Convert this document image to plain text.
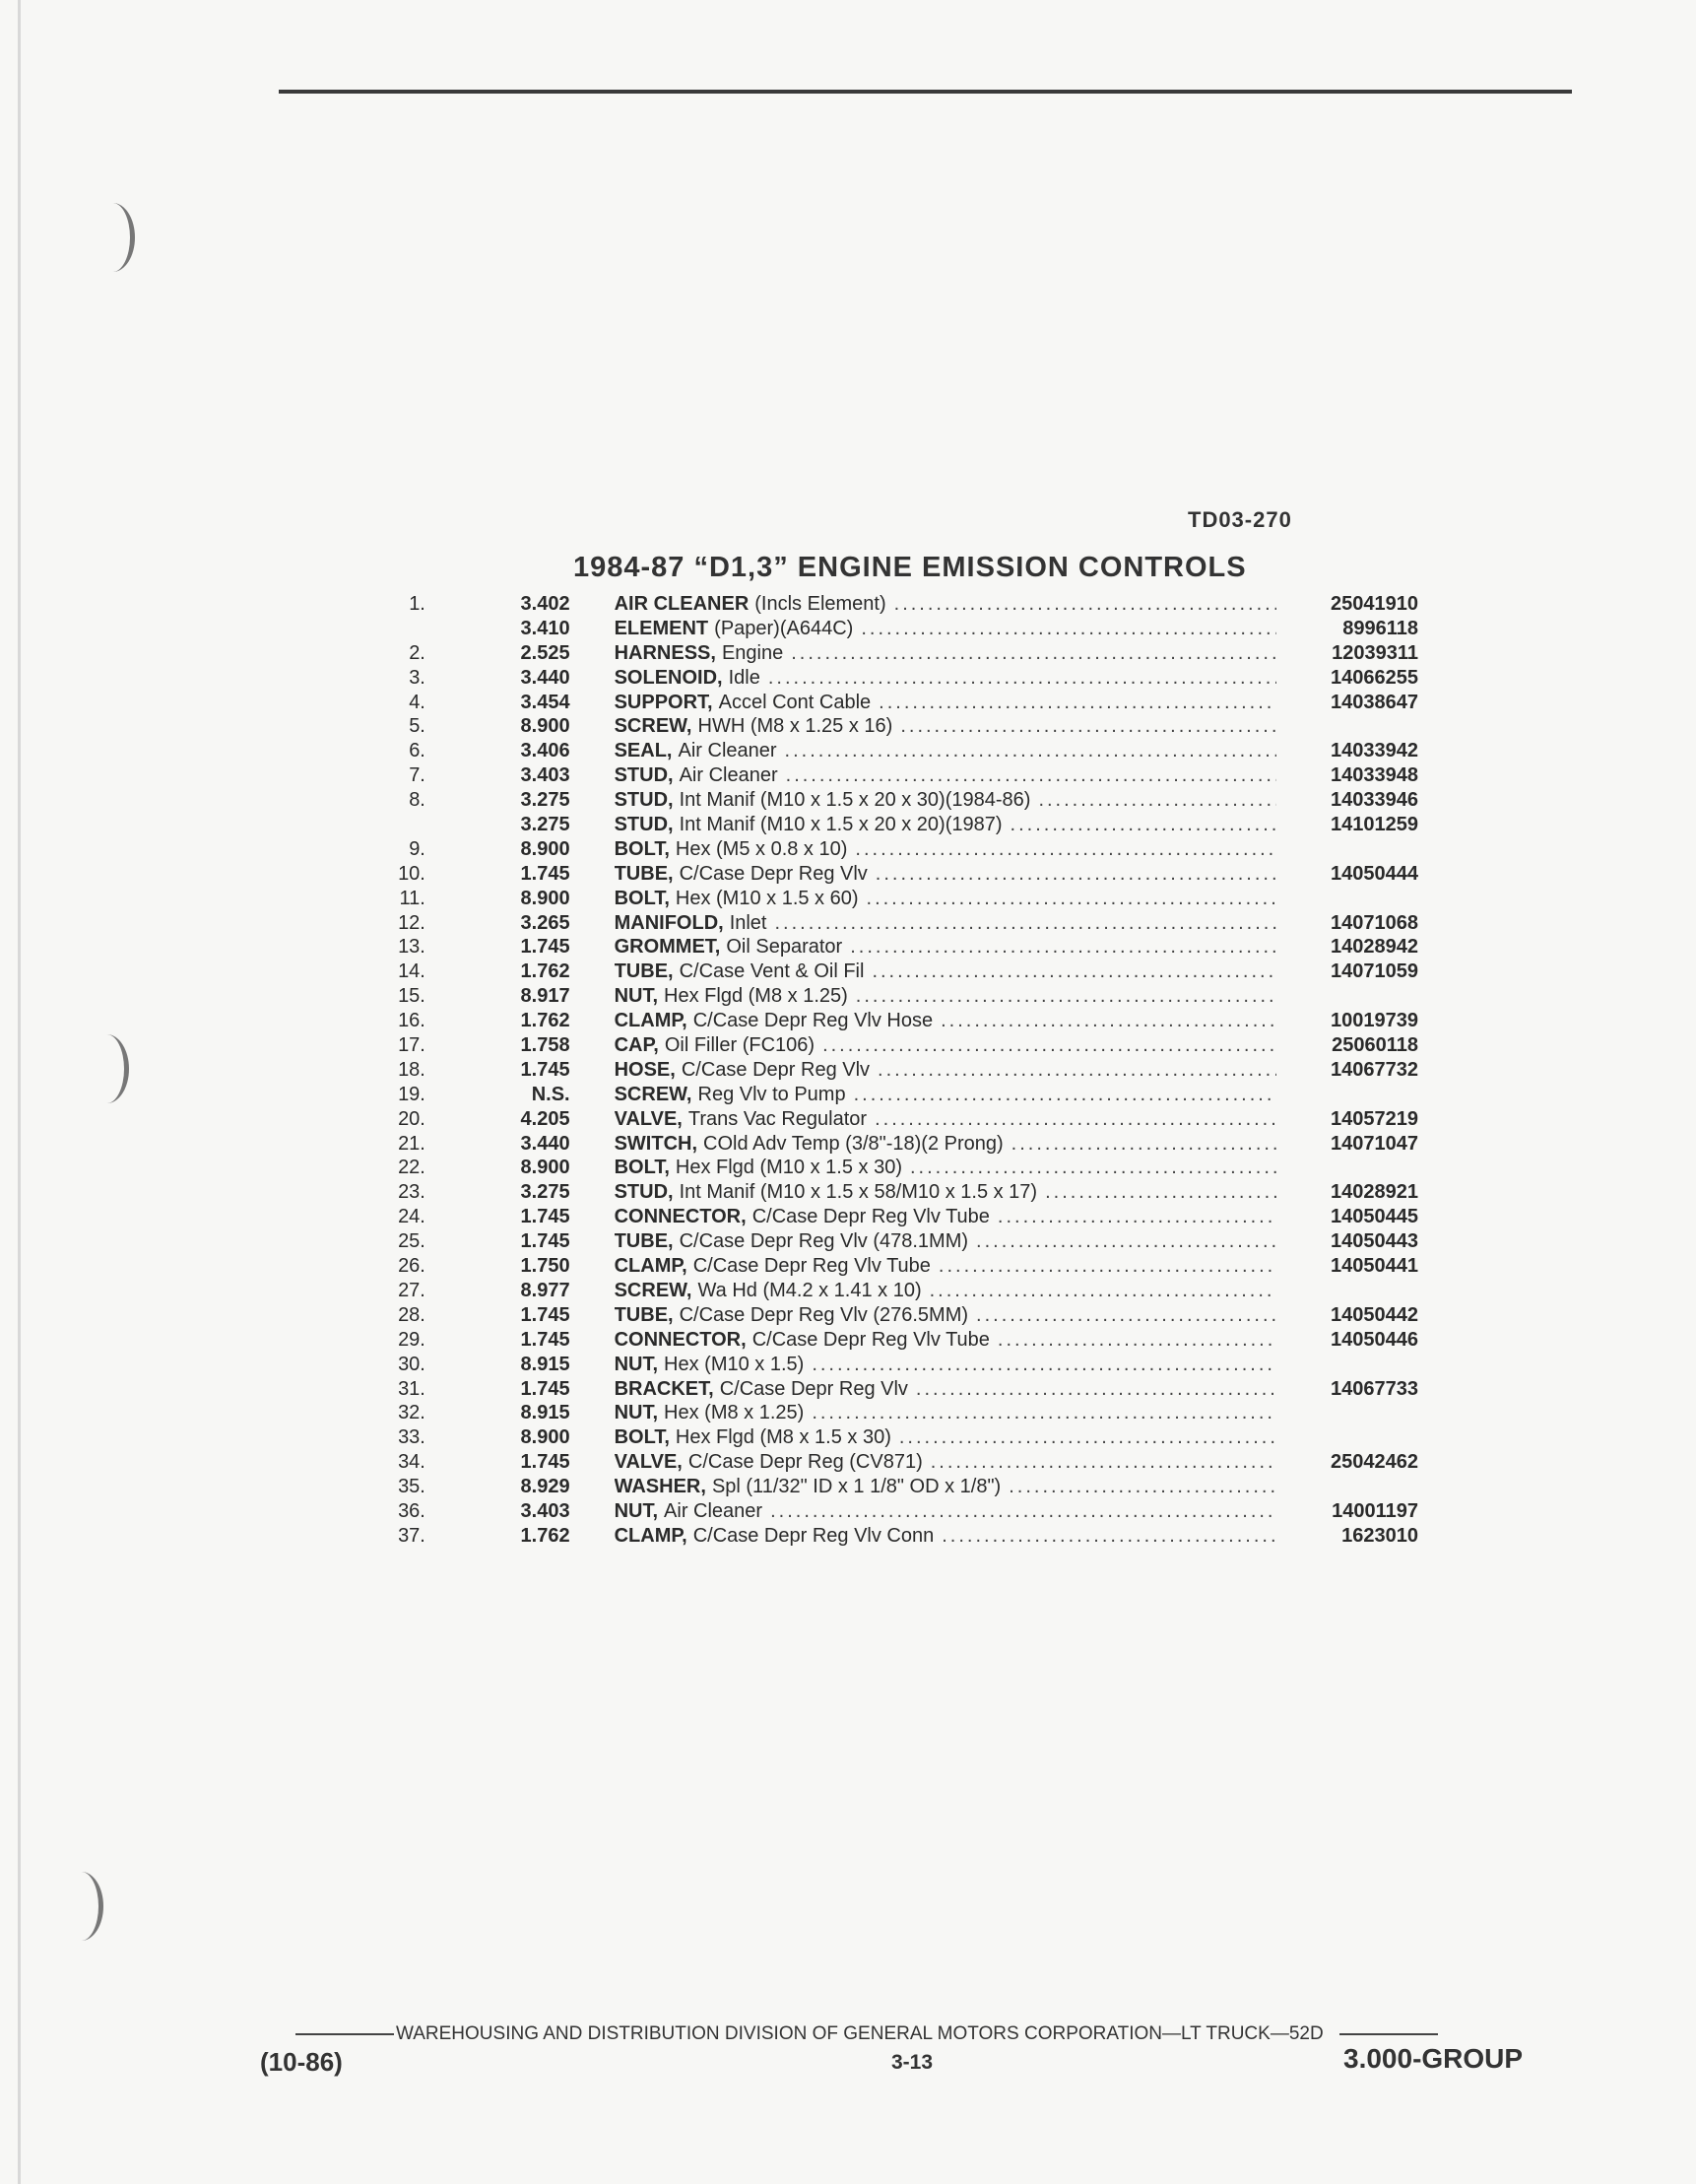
TD03-270
1984-87 “D1,3” ENGINE EMISSION CONTROLS
1.	3.402 AIR CLEANER (Incls Element) .....	25041910
3.410 ELEMENT (Paper)(A644C) .....	8996118
2.	2.525 HARNESS, Engine .....	12039311
3.	3.440 SOLENOID, Idle .....	14066255
4.	3.454 SUPPORT, Accel Cont Cable .....	14038647
5.	8.900 SCREW, HWH (M8 x 1.25 x 16)
.....
6.	3.406 SEAL, Air Cleaner .....	14033942
7.	3.403 STUD, Air Cleaner .....	14033948
8.	3.275 STUD, Int Manif (M10 x 1.5 x 20 x 30)(1984-86) .....	14033946
3.275 STUD, Int Manif (M10 x 1.5 x 20 x 20)(1987) .....	14101259
9.	8.900 BOLT, Hex (M5 x 0.8 x 10)
.....
10.	1.745 TUBE, C/Case Depr Reg Vlv .....	14050444
11.	8.900 BOLT, Hex (M10 x 1.5 x 60)
.....
12.	3.265 MANIFOLD, Inlet .....	14071068
13.	1.745 GROMMET, Oil Separator .....	14028942
14.	1.762 TUBE, C/Case Vent & Oil Fil .....	14071059
15.	8.917 NUT, Hex Flgd (M8 x 1.25)
.....
16.	1.762 CLAMP, C/Case Depr Reg Vlv Hose .....	10019739
17.	1.758 CAP, Oil Filler (FC106) .....	25060118
18.	1.745 HOSE, C/Case Depr Reg Vlv .....	14067732
19.	N.S. SCREW, Reg Vlv to Pump
.....
20.	4.205 VALVE, Trans Vac Regulator .....	14057219
21.	3.440 SWITCH, COld Adv Temp (3/8"-18)(2 Prong) .....	14071047
22.	8.900 BOLT, Hex Flgd (M10 x 1.5 x 30)
.....
23.	3.275 STUD, Int Manif (M10 x 1.5 x 58/M10 x 1.5 x 17) .....	14028921
24.	1.745 CONNECTOR, C/Case Depr Reg Vlv Tube .....	14050445
25.	1.745 TUBE, C/Case Depr Reg Vlv (478.1MM) .....	14050443
26.	1.750 CLAMP, C/Case Depr Reg Vlv Tube .....	14050441
27.	8.977 SCREW, Wa Hd (M4.2 x 1.41 x 10)
.....
28.	1.745 TUBE, C/Case Depr Reg Vlv (276.5MM) .....	14050442
29.	1.745 CONNECTOR, C/Case Depr Reg Vlv Tube .....	14050446
30.	8.915 NUT, Hex (M10 x 1.5)
.....
31.	1.745 BRACKET, C/Case Depr Reg Vlv .....	14067733
32.	8.915 NUT, Hex (M8 x 1.25)
.....
33.	8.900 BOLT, Hex Flgd (M8 x 1.5 x 30)
.....
34.	1.745 VALVE, C/Case Depr Reg (CV871) .....	25042462
35.	8.929 WASHER, Spl (11/32" ID x 1 1/8" OD x 1/8")
.....
36.	3.403 NUT, Air Cleaner .....	14001197
37.	1.762 CLAMP, C/Case Depr Reg Vlv Conn .....	1623010
WAREHOUSING AND DISTRIBUTION DIVISION OF GENERAL MOTORS CORPORATION—LT TRUCK—52D
(10-86)	3-13	3.000-GROUP
